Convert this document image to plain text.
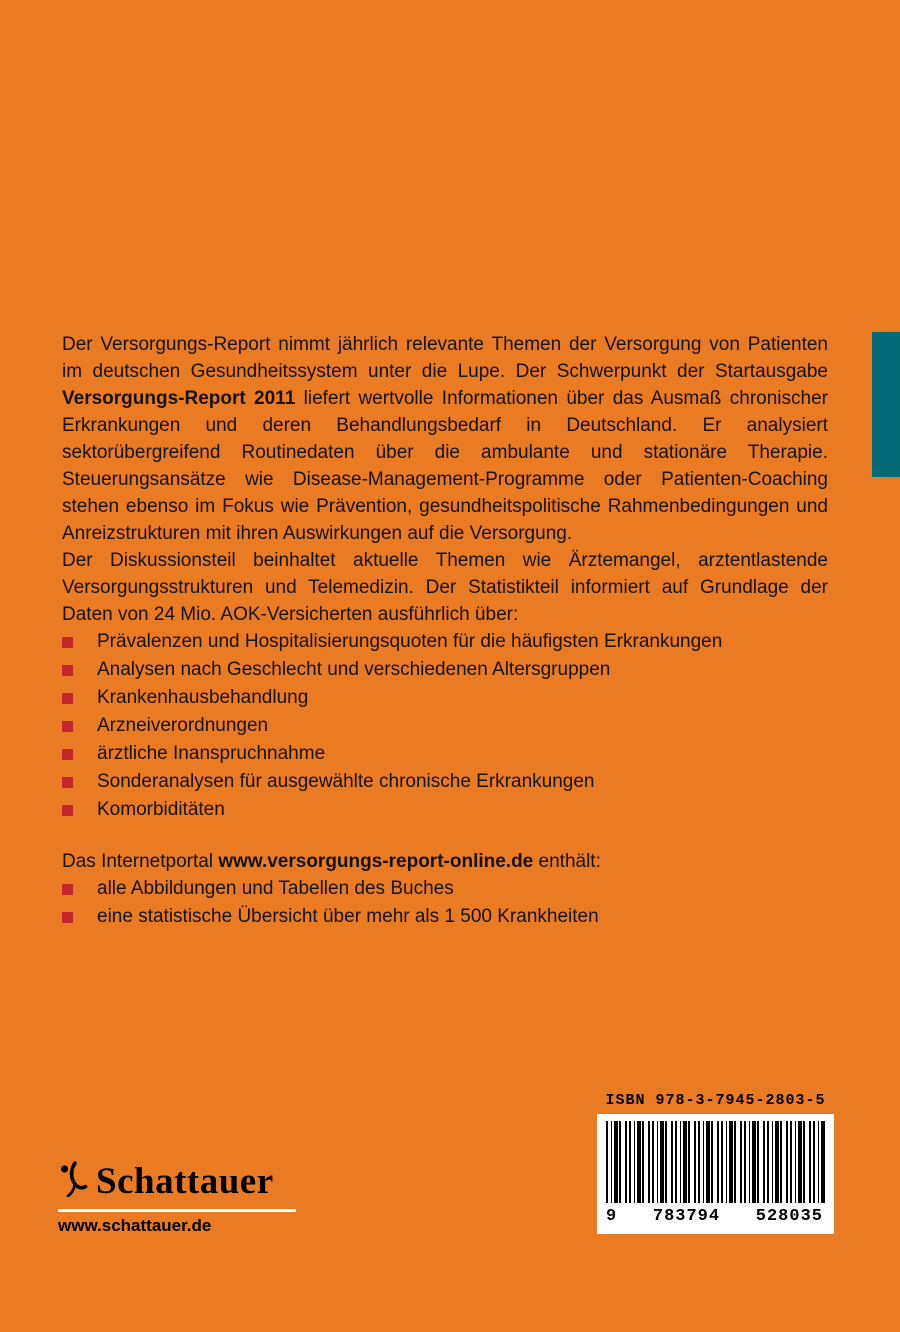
Der Versorgungs-Report nimmt jährlich relevante Themen der Versorgung von Patienten im deutschen Gesundheitssystem unter die Lupe. Der Schwerpunkt der Startausgabe Versorgungs-Report 2011 liefert wertvolle Informationen über das Ausmaß chronischer Erkrankungen und deren Behandlungsbedarf in Deutschland. Er analysiert sektorübergreifend Routinedaten über die ambulante und stationäre Therapie. Steuerungsansätze wie Disease-Management-Programme oder Patienten-Coaching stehen ebenso im Fokus wie Prävention, gesundheitspolitische Rahmenbedingungen und Anreizstrukturen mit ihren Auswirkungen auf die Versorgung.

Der Diskussionsteil beinhaltet aktuelle Themen wie Ärztemangel, arztentlastende Versorgungsstrukturen und Telemedizin. Der Statistikteil informiert auf Grundlage der Daten von 24 Mio. AOK-Versicherten ausführlich über:

Prävalenzen und Hospitalisierungsquoten für die häufigsten Erkrankungen
Analysen nach Geschlecht und verschiedenen Altersgruppen
Krankenhausbehandlung
Arzneiverordnungen
ärztliche Inanspruchnahme
Sonderanalysen für ausgewählte chronische Erkrankungen
Komorbiditäten

Das Internetportal www.versorgungs-report-online.de enthält:

alle Abbildungen und Tabellen des Buches
eine statistische Übersicht über mehr als 1 500 Krankheiten
ISBN 978-3-7945-2803-5
9 783794 528035
Schattauer
www.schattauer.de
